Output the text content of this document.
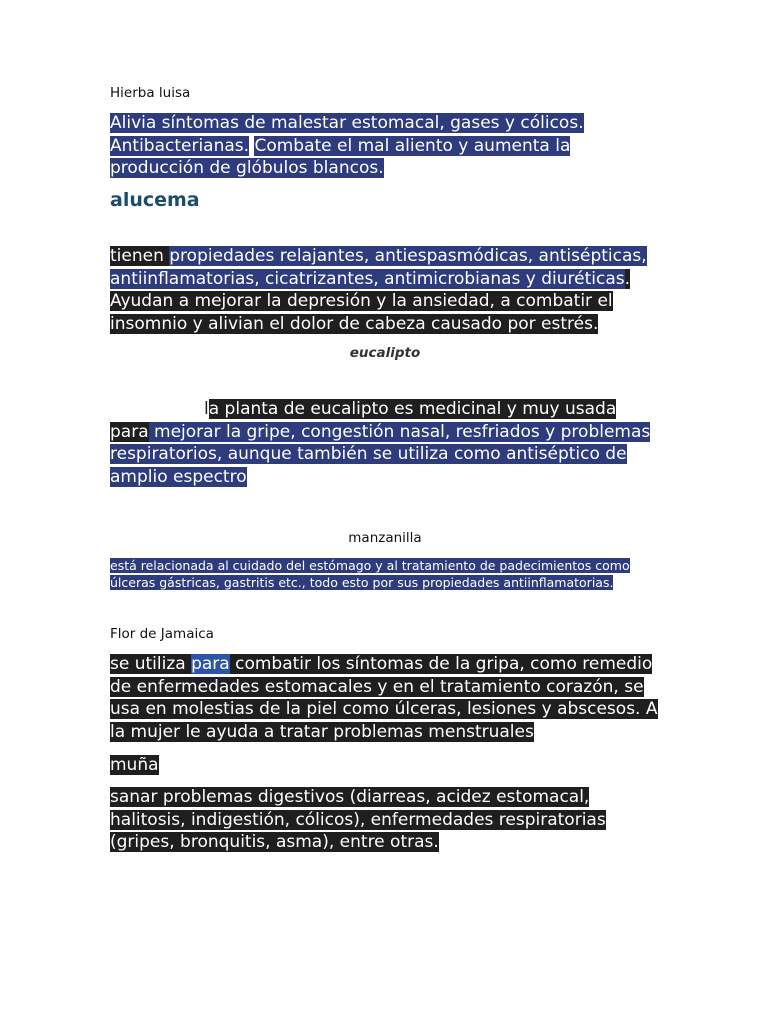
Hierba luisa
Alivia síntomas de malestar estomacal, gases y cólicos. Antibacterianas. Combate el mal aliento y aumenta la producción de glóbulos blancos.
alucema
tienen propiedades relajantes, antiespasmódicas, antisépticas, antiinflamatorias, cicatrizantes, antimicrobianas y diuréticas. Ayudan a mejorar la depresión y la ansiedad, a combatir el insomnio y alivian el dolor de cabeza causado por estrés.
eucalipto
la planta de eucalipto es medicinal y muy usada para mejorar la gripe, congestión nasal, resfriados y problemas respiratorios, aunque también se utiliza como antiséptico de amplio espectro
manzanilla
está relacionada al cuidado del estómago y al tratamiento de padecimientos como úlceras gástricas, gastritis etc., todo esto por sus propiedades antiinflamatorias.
Flor de Jamaica
se utiliza para combatir los síntomas de la gripa, como remedio de enfermedades estomacales y en el tratamiento corazón, se usa en molestias de la piel como úlceras, lesiones y abscesos. A la mujer le ayuda a tratar problemas menstruales
muña
sanar problemas digestivos (diarreas, acidez estomacal, halitosis, indigestión, cólicos), enfermedades respiratorias (gripes, bronquitis, asma), entre otras.
